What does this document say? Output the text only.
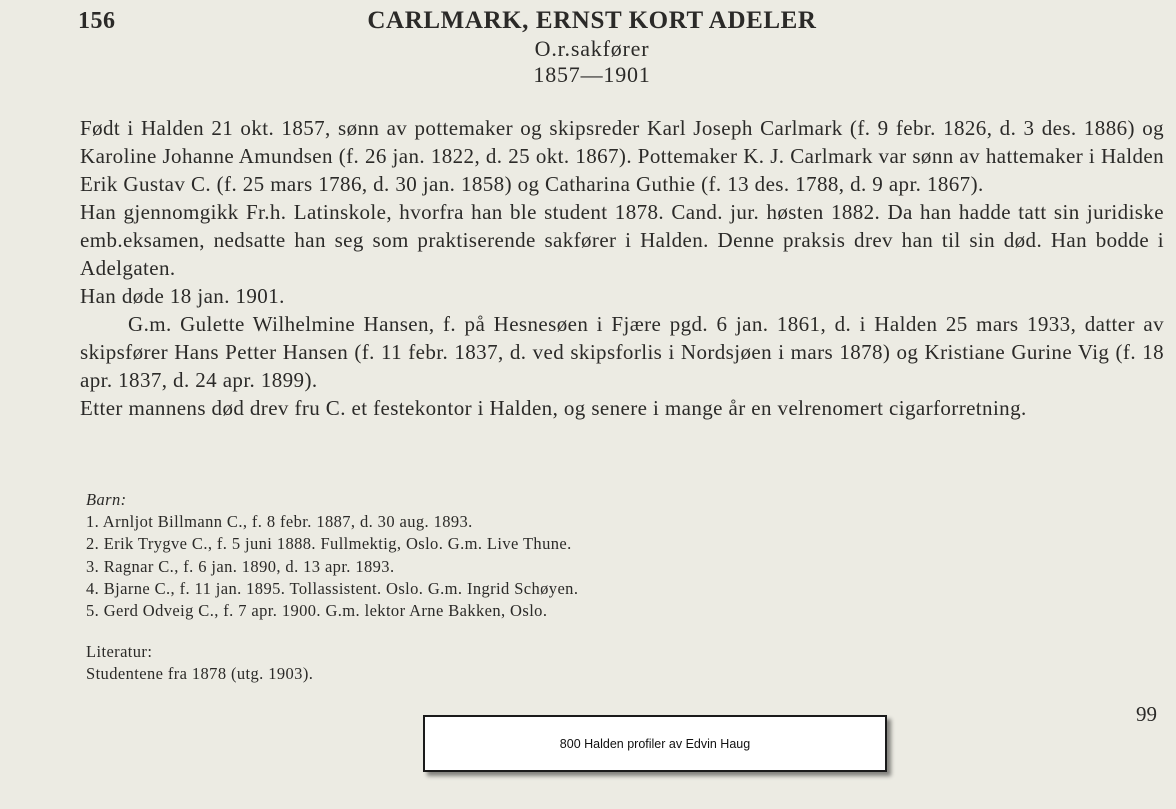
156	CARLMARK, ERNST KORT ADELER
O.r.sakfører
1857—1901

Født i Halden 21 okt. 1857, sønn av pottemaker og skipsreder Karl Joseph Carlmark (f. 9 febr. 1826, d. 3 des. 1886) og Karoline Johanne Amundsen (f. 26 jan. 1822, d. 25 okt. 1867). Pottemaker K. J. Carlmark var sønn av hattemaker i Halden Erik Gustav C. (f. 25 mars 1786, d. 30 jan. 1858) og Catharina Guthie (f. 13 des. 1788, d. 9 apr. 1867).

Han gjennomgikk Fr.h. Latinskole, hvorfra han ble student 1878. Cand. jur. høsten 1882. Da han hadde tatt sin juridiske emb.eksamen, nedsatte han seg som praktiserende sakfører i Halden. Denne praksis drev han til sin død. Han bodde i Adelgaten.

Han døde 18 jan. 1901.

G.m. Gulette Wilhelmine Hansen, f. på Hesnesøen i Fjære pgd. 6 jan. 1861, d. i Halden 25 mars 1933, datter av skipsfører Hans Petter Hansen (f. 11 febr. 1837, d. ved skipsforlis i Nordsjøen i mars 1878) og Kristiane Gurine Vig (f. 18 apr. 1837, d. 24 apr. 1899).

Etter mannens død drev fru C. et festekontor i Halden, og senere i mange år en velrenomert cigarforretning.

Barn:
1. Arnljot Billmann C., f. 8 febr. 1887, d. 30 aug. 1893.
2. Erik Trygve C., f. 5 juni 1888. Fullmektig, Oslo. G.m. Live Thune.
3. Ragnar C., f. 6 jan. 1890, d. 13 apr. 1893.
4. Bjarne C., f. 11 jan. 1895. Tollassistent. Oslo. G.m. Ingrid Schøyen.
5. Gerd Odveig C., f. 7 apr. 1900. G.m. lektor Arne Bakken, Oslo.
Literatur:
Studentene fra 1878 (utg. 1903).
99
800 Halden profiler av Edvin Haug
